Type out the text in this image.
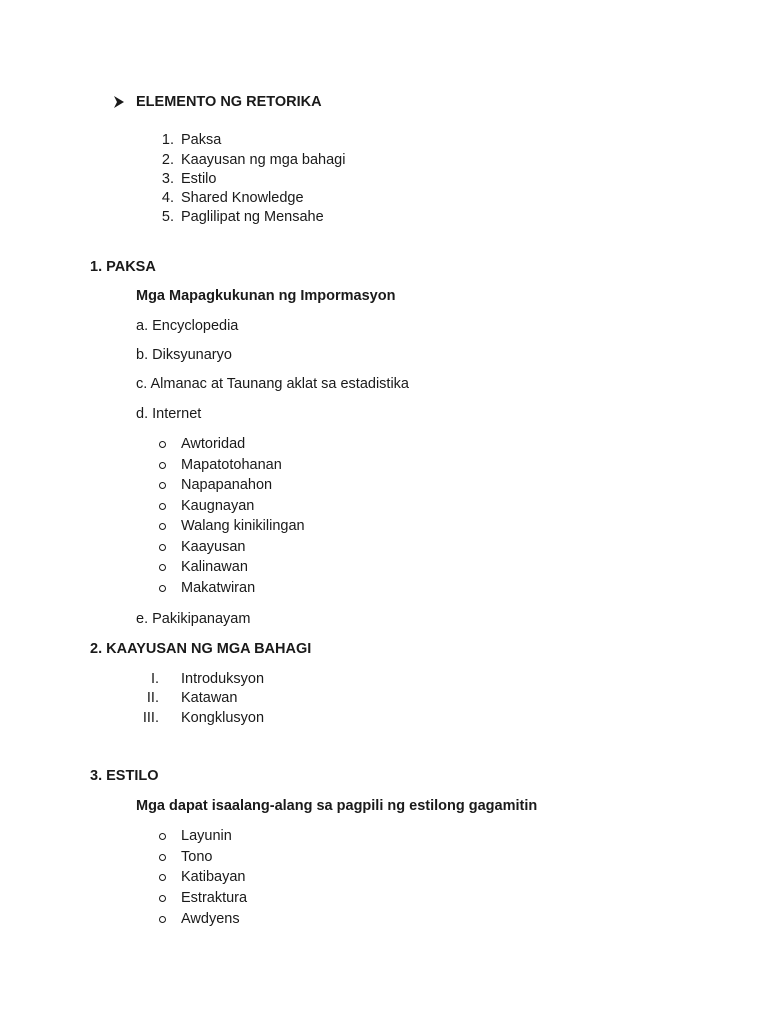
ELEMENTO NG RETORIKA
1. Paksa
2. Kaayusan ng mga bahagi
3. Estilo
4. Shared Knowledge
5. Paglilipat ng Mensahe
1. PAKSA
Mga Mapagkukunan ng Impormasyon
a. Encyclopedia
b. Diksyunaryo
c. Almanac at Taunang aklat sa estadistika
d. Internet
Awtoridad
Mapatotohanan
Napapanahon
Kaugnayan
Walang kinikilingan
Kaayusan
Kalinawan
Makatwiran
e. Pakikipanayam
2. KAAYUSAN NG MGA BAHAGI
I. Introduksyon
II. Katawan
III. Kongklusyon
3. ESTILO
Mga dapat isaalang-alang sa pagpili ng estilong gagamitin
Layunin
Tono
Katibayan
Estraktura
Awdyens
